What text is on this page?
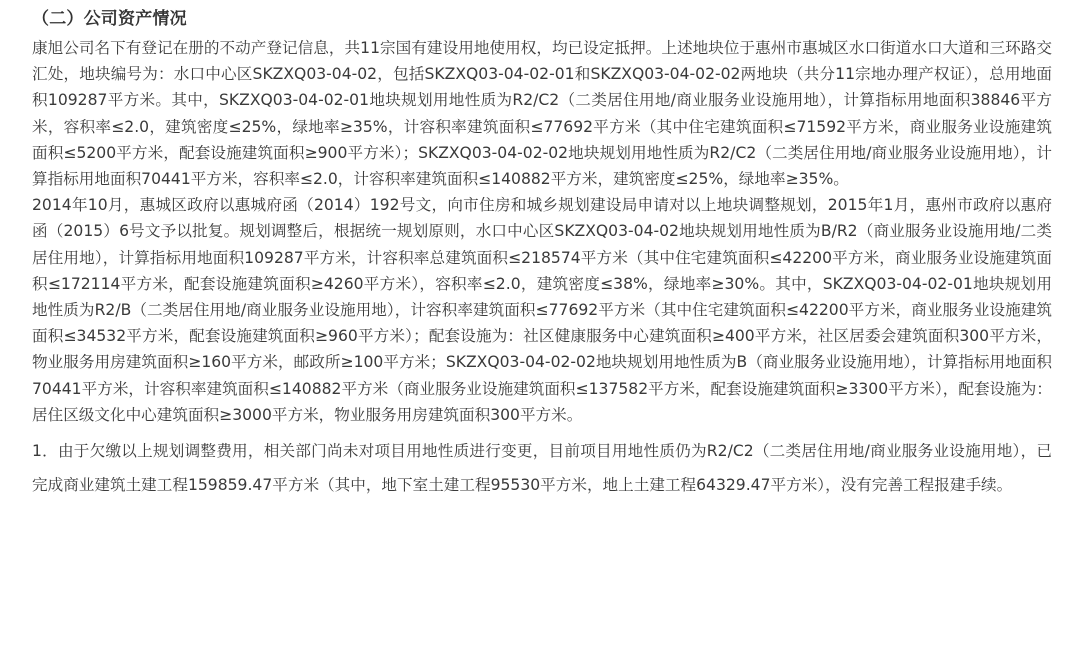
（二）公司资产情况

康旭公司名下有登记在册的不动产登记信息，共11宗国有建设用地使用权，均已设定抵押。上述地块位于惠州市惠城区水口街道水口大道和三环路交汇处，地块编号为：水口中心区SKZXQ03-04-02，包括SKZXQ03-04-02-01和SKZXQ03-04-02-02两地块（共分11宗地办理产权证），总用地面积109287平方米。其中，SKZXQ03-04-02-01地块规划用地性质为R2/C2（二类居住用地/商业服务业设施用地），计算指标用地面积38846平方米，容积率≤2.0，建筑密度≤25%，绿地率≥35%，计容积率建筑面积≤77692平方米（其中住宅建筑面积≤71592平方米，商业服务业设施建筑面积≤5200平方米，配套设施建筑面积≥900平方米）；SKZXQ03-04-02-02地块规划用地性质为R2/C2（二类居住用地/商业服务业设施用地），计算指标用地面积70441平方米，容积率≤2.0，计容积率建筑面积≤140882平方米，建筑密度≤25%，绿地率≥35%。

2014年10月，惠城区政府以惠城府函（2014）192号文，向市住房和城乡规划建设局申请对以上地块调整规划，2015年1月，惠州市政府以惠府函（2015）6号文予以批复。规划调整后，根据统一规划原则，水口中心区SKZXQ03-04-02地块规划用地性质为B/R2（商业服务业设施用地/二类居住用地），计算指标用地面积109287平方米，计容积率总建筑面积≤218574平方米（其中住宅建筑面积≤42200平方米，商业服务业设施建筑面积≤172114平方米，配套设施建筑面积≥4260平方米），容积率≤2.0，建筑密度≤38%，绿地率≥30%。其中，SKZXQ03-04-02-01地块规划用地性质为R2/B（二类居住用地/商业服务业设施用地），计容积率建筑面积≤77692平方米（其中住宅建筑面积≤42200平方米，商业服务业设施建筑面积≤34532平方米，配套设施建筑面积≥960平方米）；配套设施为：社区健康服务中心建筑面积≥400平方米，社区居委会建筑面积300平方米，物业服务用房建筑面积≥160平方米，邮政所≥100平方米；SKZXQ03-04-02-02地块规划用地性质为B（商业服务业设施用地），计算指标用地面积70441平方米，计容积率建筑面积≤140882平方米（商业服务业设施建筑面积≤137582平方米，配套设施建筑面积≥3300平方米），配套设施为：居住区级文化中心建筑面积≥3000平方米，物业服务用房建筑面积300平方米。

1．由于欠缴以上规划调整费用，相关部门尚未对项目用地性质进行变更，目前项目用地性质仍为R2/C2（二类居住用地/商业服务业设施用地），已完成商业建筑土建工程159859.47平方米（其中，地下室土建工程95530平方米，地上土建工程64329.47平方米），没有完善工程报建手续。
